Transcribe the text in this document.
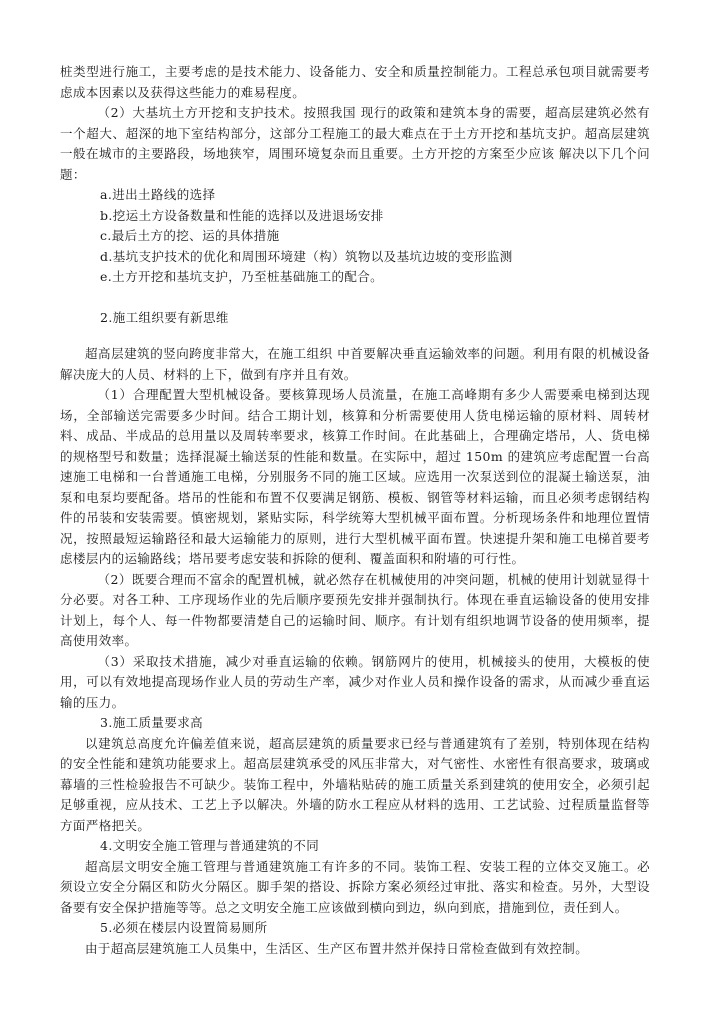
桩类型进行施工，主要考虑的是技术能力、设备能力、安全和质量控制能力。工程总承包项目就需要考虑成本因素以及获得这些能力的难易程度。

（2）大基坑土方开挖和支护技术。按照我国 现行的政策和建筑本身的需要，超高层建筑必然有一个超大、超深的地下室结构部分，这部分工程施工的最大难点在于土方开挖和基坑支护。超高层建筑一般在城市的主要路段，场地狭窄，周围环境复杂而且重要。土方开挖的方案至少应该 解决以下几个问题：

a.进出土路线的选择

b.挖运土方设备数量和性能的选择以及进退场安排

c.最后土方的挖、运的具体措施

d.基坑支护技术的优化和周围环境建（构）筑物以及基坑边坡的变形监测

e.土方开挖和基坑支护，乃至桩基础施工的配合。

2.施工组织要有新思维

超高层建筑的竖向跨度非常大，在施工组织 中首要解决垂直运输效率的问题。利用有限的机械设备解决庞大的人员、材料的上下，做到有序并且有效。

（1）合理配置大型机械设备。要核算现场人员流量，在施工高峰期有多少人需要乘电梯到达现场，全部输送完需要多少时间。结合工期计划，核算和分析需要使用人货电梯运输的原材料、周转材料、成品、半成品的总用量以及周转率要求，核算工作时间。在此基础上，合理确定塔吊，人、货电梯的规格型号和数量；选择混凝土输送泵的性能和数量。在实际中，超过 150m 的建筑应考虑配置一台高速施工电梯和一台普通施工电梯，分别服务不同的施工区域。应选用一次泵送到位的混凝土输送泵，油泵和电泵均要配备。塔吊的性能和布置不仅要满足钢筋、模板、钢管等材料运输，而且必须考虑钢结构件的吊装和安装需要。慎密规划，紧贴实际，科学统筹大型机械平面布置。分析现场条件和地理位置情况，按照最短运输路径和最大运输能力的原则，进行大型机械平面布置。快速提升架和施工电梯首要考虑楼层内的运输路线；塔吊要考虑安装和拆除的便利、覆盖面积和附墙的可行性。

（2）既要合理而不富余的配置机械，就必然存在机械使用的冲突问题，机械的使用计划就显得十分必要。对各工种、工序现场作业的先后顺序要预先安排并强制执行。体现在垂直运输设备的使用安排计划上，每个人、每一件物都要清楚自己的运输时间、顺序。有计划有组织地调节设备的使用频率，提高使用效率。

（3）采取技术措施，减少对垂直运输的依赖。钢筋网片的使用，机械接头的使用，大模板的使用，可以有效地提高现场作业人员的劳动生产率，减少对作业人员和操作设备的需求，从而减少垂直运输的压力。

3.施工质量要求高

以建筑总高度允许偏差值来说，超高层建筑的质量要求已经与普通建筑有了差别，特别体现在结构的安全性能和建筑功能要求上。超高层建筑承受的风压非常大，对气密性、水密性有很高要求，玻璃或幕墙的三性检验报告不可缺少。装饰工程中，外墙粘贴砖的施工质量关系到建筑的使用安全，必须引起足够重视，应从技术、工艺上予以解决。外墙的防水工程应从材料的选用、工艺试验、过程质量监督等方面严格把关。

4.文明安全施工管理与普通建筑的不同

超高层文明安全施工管理与普通建筑施工有许多的不同。装饰工程、安装工程的立体交叉施工。必须设立安全分隔区和防火分隔区。脚手架的搭设、拆除方案必须经过审批、落实和检查。另外，大型设备要有安全保护措施等等。总之文明安全施工应该做到横向到边，纵向到底，措施到位，责任到人。

5.必须在楼层内设置简易厕所

由于超高层建筑施工人员集中，生活区、生产区布置井然并保持日常检查做到有效控制。
